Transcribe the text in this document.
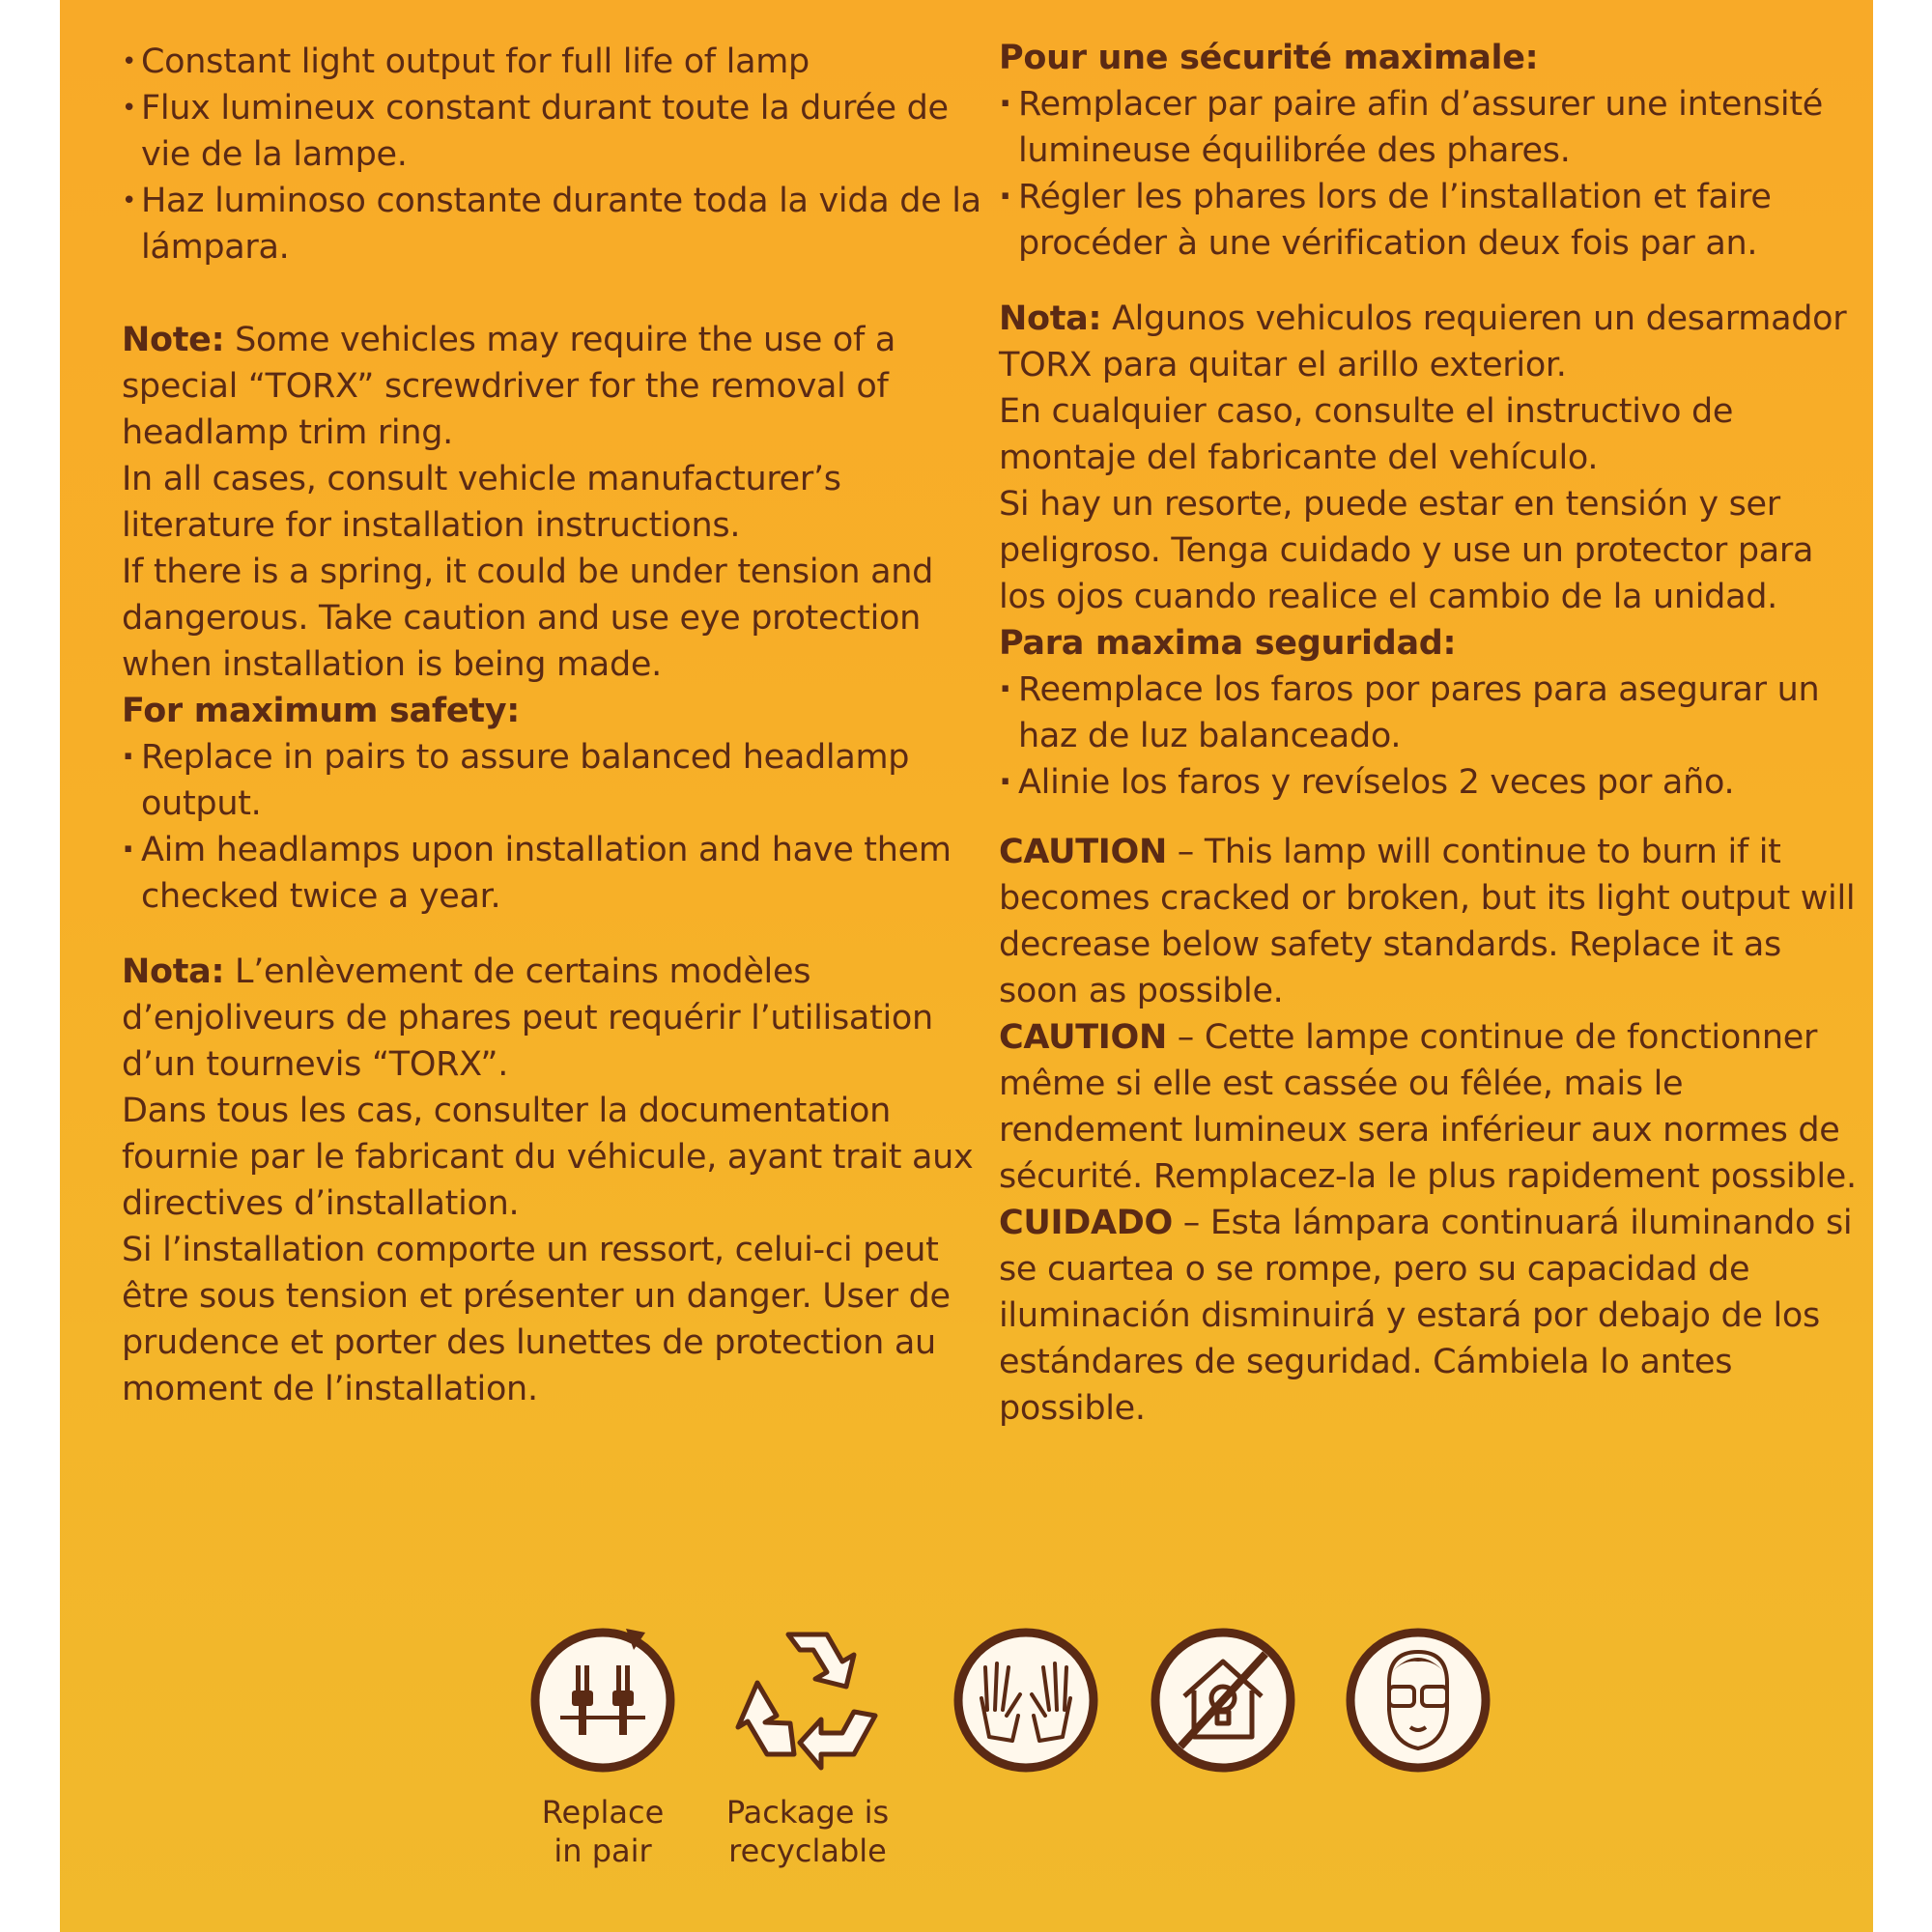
• Constant light output for full life of lamp

• Flux lumineux constant durant toute la durée de vie de la lampe.

• Haz luminoso constante durante toda la vida de la lámpara.

Note: Some vehicles may require the use of a special “TORX” screwdriver for the removal of headlamp trim ring.

In all cases, consult vehicle manufacturer’s literature for installation instructions.

If there is a spring, it could be under tension and dangerous. Take caution and use eye protection when installation is being made.

For maximum safety:

· Replace in pairs to assure balanced headlamp output.

· Aim headlamps upon installation and have them checked twice a year.

Nota: L’enlèvement de certains modèles d’enjoliveurs de phares peut requérir l’utilisation d’un tournevis “TORX”.

Dans tous les cas, consulter la documentation fournie par le fabricant du véhicule, ayant trait aux directives d’installation.

Si l’installation comporte un ressort, celui-ci peut être sous tension et présenter un danger. User de prudence et porter des lunettes de protection au moment de l’installation.

Pour une sécurité maximale:

· Remplacer par paire afin d’assurer une intensité lumineuse équilibrée des phares.

· Régler les phares lors de l’installation et faire procéder à une vérification deux fois par an.

Nota: Algunos vehiculos requieren un desarmador TORX para quitar el arillo exterior.

En cualquier caso, consulte el instructivo de montaje del fabricante del vehículo.

Si hay un resorte, puede estar en tensión y ser peligroso. Tenga cuidado y use un protector para los ojos cuando realice el cambio de la unidad.

Para maxima seguridad:

· Reemplace los faros por pares para asegurar un haz de luz balanceado.

· Alinie los faros y revíselos 2 veces por año.

CAUTION – This lamp will continue to burn if it becomes cracked or broken, but its light output will decrease below safety standards. Replace it as soon as possible.

CAUTION – Cette lampe continue de fonctionner même si elle est cassée ou fêlée, mais le rendement lumineux sera inférieur aux normes de sécurité. Remplacez-la le plus rapidement possible.

CUIDADO – Esta lámpara continuará iluminando si se cuartea o se rompe, pero su capacidad de iluminación disminuirá y estará por debajo de los estándares de seguridad. Cámbiela lo antes possible.

Replace
in pair
Package is
recyclable
